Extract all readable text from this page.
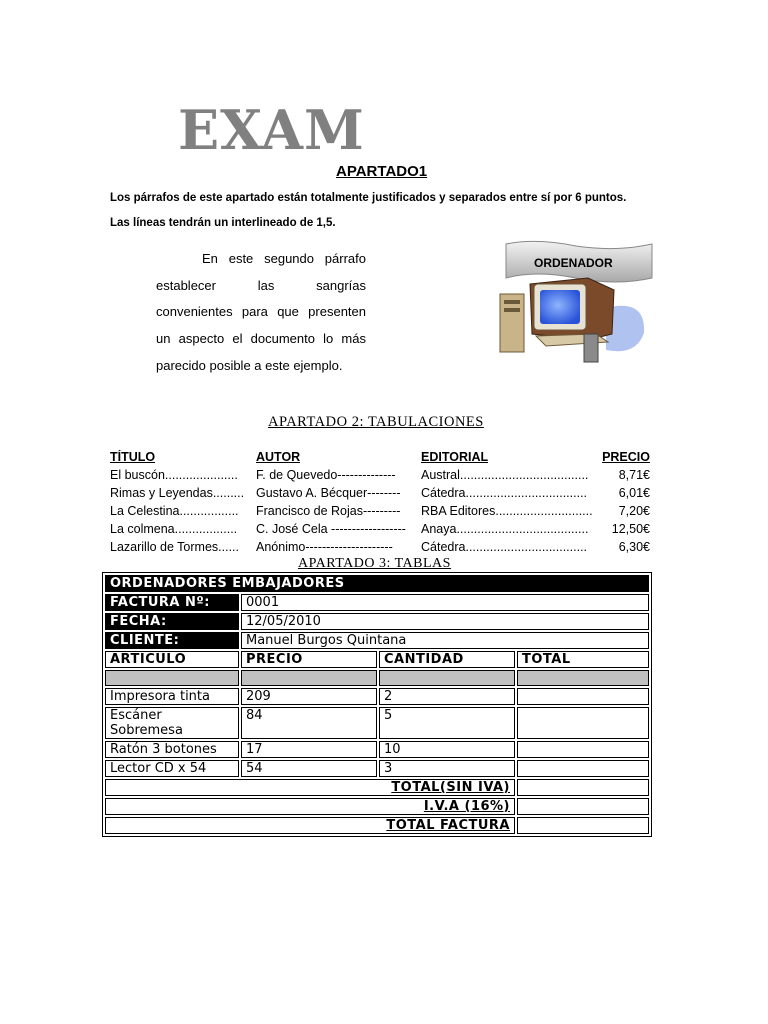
EXAM
APARTADO1
Los párrafos de este apartado están totalmente justificados y separados entre sí por 6 puntos.
Las líneas tendrán un interlineado de 1,5.
En este segundo párrafo establecer las sangrías convenientes para que presenten un aspecto el documento lo más parecido posible a este ejemplo.
ORDENADOR
APARTADO 2: TABULACIONES
TÍTULO	AUTOR	EDITORIAL	PRECIO
El buscón.....................	F. de Quevedo--------------	Austral.....................................	8,71€
Rimas y Leyendas......... Gustavo A. Bécquer--------	Cátedra...................................	6,01€
La Celestina.................	Francisco de Rojas---------	RBA Editores............................	7,20€
La colmena..................	C. José Cela ------------------	Anaya......................................	12,50€
Lazarillo de Tormes......	Anónimo---------------------	Cátedra...................................	6,30€
APARTADO 3: TABLAS
ORDENADORES EMBAJADORES			
FACTURA Nº:	0001		
FECHA:	12/05/2010		
CLIENTE:	Manuel Burgos Quintana		
ARTICULO	PRECIO	CANTIDAD	TOTAL

Impresora tinta	209	2	
Escáner Sobremesa	84	5	
Ratón 3 botones	17	10	
Lector CD x 54	54	3	
TOTAL(SIN IVA)			
I.V.A (16%)			
TOTAL FACTURA			
